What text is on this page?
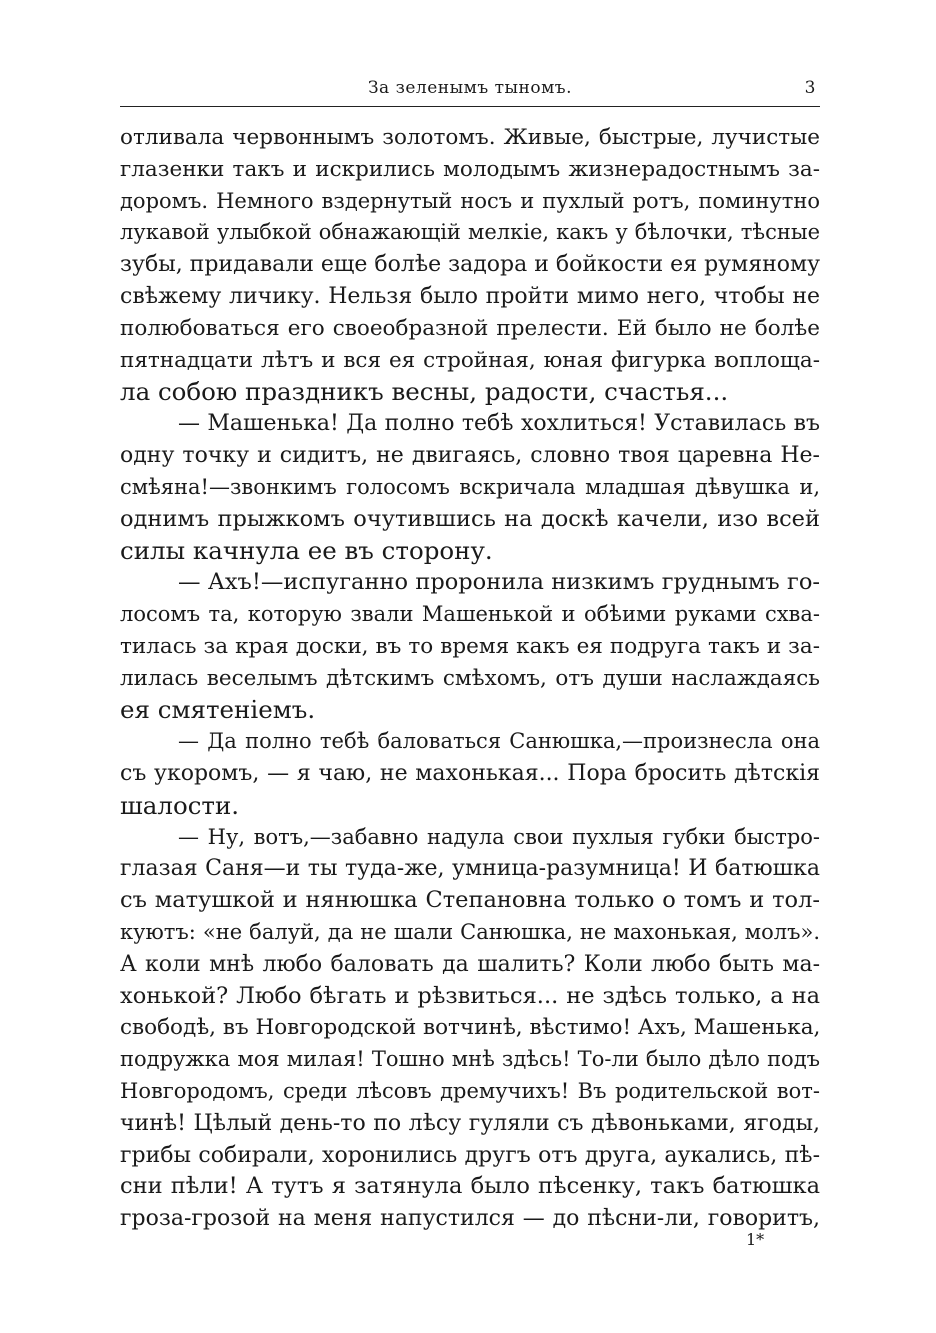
За зеленымъ тыномъ.	3
отливала червоннымъ золотомъ. Живые, быстрые, лучистые
глазенки такъ и искрились молодымъ жизнерадостнымъ за-
доромъ. Немного вздернутый носъ и пухлый ротъ, поминутно
лукавой улыбкой обнажающій мелкіе, какъ у бѣлочки, тѣсные
зубы, придавали еще болѣе задора и бойкости ея румяному
свѣжему личику. Нельзя было пройти мимо него, чтобы не
полюбоваться его своеобразной прелести. Ей было не болѣе
пятнадцати лѣтъ и вся ея стройная, юная фигурка воплоща-
ла собою праздникъ весны, радости, счастья...
— Машенька! Да полно тебѣ хохлиться! Уставилась въ
одну точку и сидитъ, не двигаясь, словно твоя царевна Не-
смѣяна!—звонкимъ голосомъ вскричала младшая дѣвушка и,
однимъ прыжкомъ очутившись на доскѣ качели, изо всей
силы качнула ее въ сторону.
— Ахъ!—испуганно проронила низкимъ груднымъ го-
лосомъ та, которую звали Машенькой и обѣими руками схва-
тилась за края доски, въ то время какъ ея подруга такъ и за-
лилась веселымъ дѣтскимъ смѣхомъ, отъ души наслаждаясь
ея смятеніемъ.
— Да полно тебѣ баловаться Санюшка,—произнесла она
съ укоромъ, — я чаю, не махонькая... Пора бросить дѣтскія
шалости.
— Ну, вотъ,—забавно надула свои пухлыя губки быстро-
глазая Саня—и ты туда-же, умница-разумница! И батюшка
съ матушкой и нянюшка Степановна только о томъ и тол-
куютъ: «не балуй, да не шали Санюшка, не махонькая, молъ».
А коли мнѣ любо баловать да шалить? Коли любо быть ма-
хонькой? Любо бѣгать и рѣзвиться... не здѣсь только, а на
свободѣ, въ Новгородской вотчинѣ, вѣстимо! Ахъ, Машенька,
подружка моя милая! Тошно мнѣ здѣсь! То-ли было дѣло подъ
Новгородомъ, среди лѣсовъ дремучихъ! Въ родительской вот-
чинѣ! Цѣлый день-то по лѣсу гуляли съ дѣвоньками, ягоды,
грибы собирали, хоронились другъ отъ друга, аукались, пѣ-
сни пѣли! А тутъ я затянула было пѣсенку, такъ батюшка
гроза-грозой на меня напустился — до пѣсни-ли, говоритъ,
1*
